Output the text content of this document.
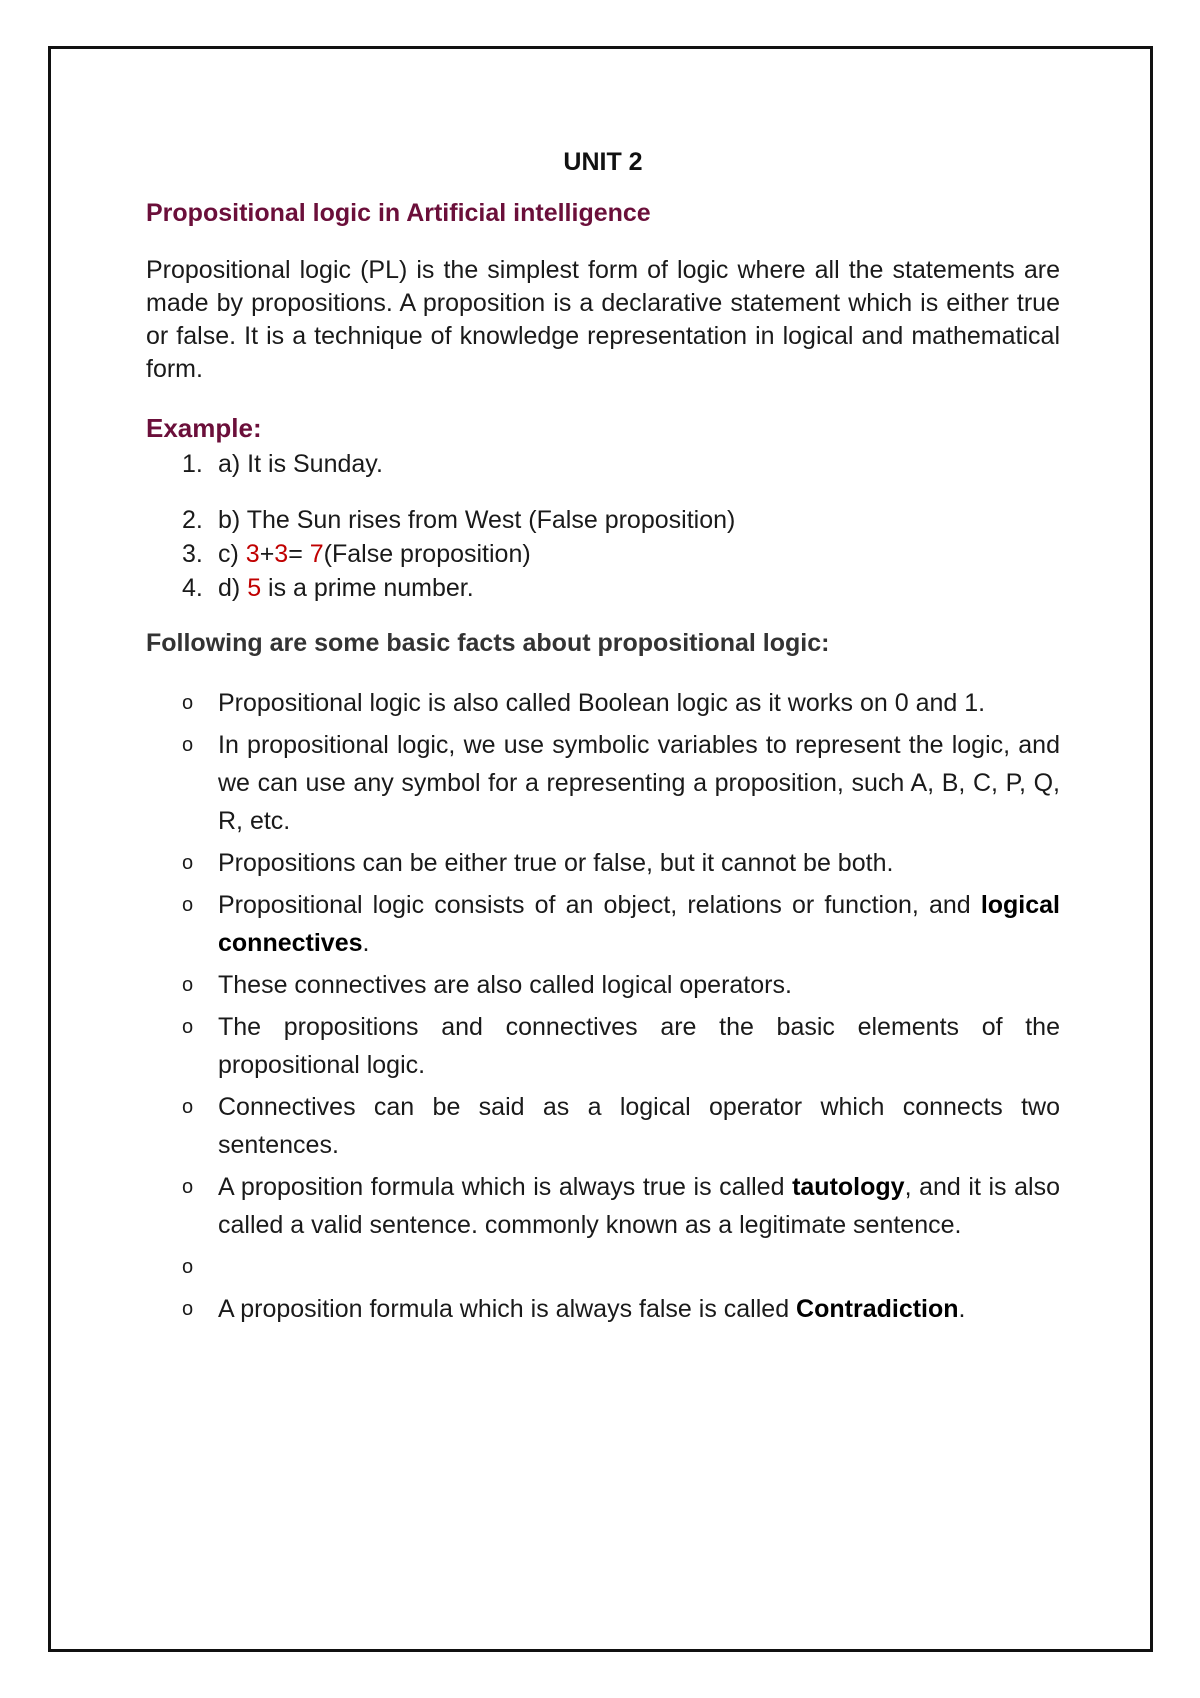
UNIT 2
Propositional logic in Artificial intelligence
Propositional logic (PL) is the simplest form of logic where all the statements are made by propositions. A proposition is a declarative statement which is either true or false. It is a technique of knowledge representation in logical and mathematical form.
Example:
1. a) It is Sunday.
2. b) The Sun rises from West (False proposition)
3. c) 3+3= 7(False proposition)
4. d) 5 is a prime number.
Following are some basic facts about propositional logic:
o Propositional logic is also called Boolean logic as it works on 0 and 1.
o In propositional logic, we use symbolic variables to represent the logic, and we can use any symbol for a representing a proposition, such A, B, C, P, Q, R, etc.
o Propositions can be either true or false, but it cannot be both.
o Propositional logic consists of an object, relations or function, and logical connectives.
o These connectives are also called logical operators.
o The propositions and connectives are the basic elements of the propositional logic.
o Connectives can be said as a logical operator which connects two sentences.
o A proposition formula which is always true is called tautology, and it is also called a valid sentence. commonly known as a legitimate sentence.
o

o A proposition formula which is always false is called Contradiction.
